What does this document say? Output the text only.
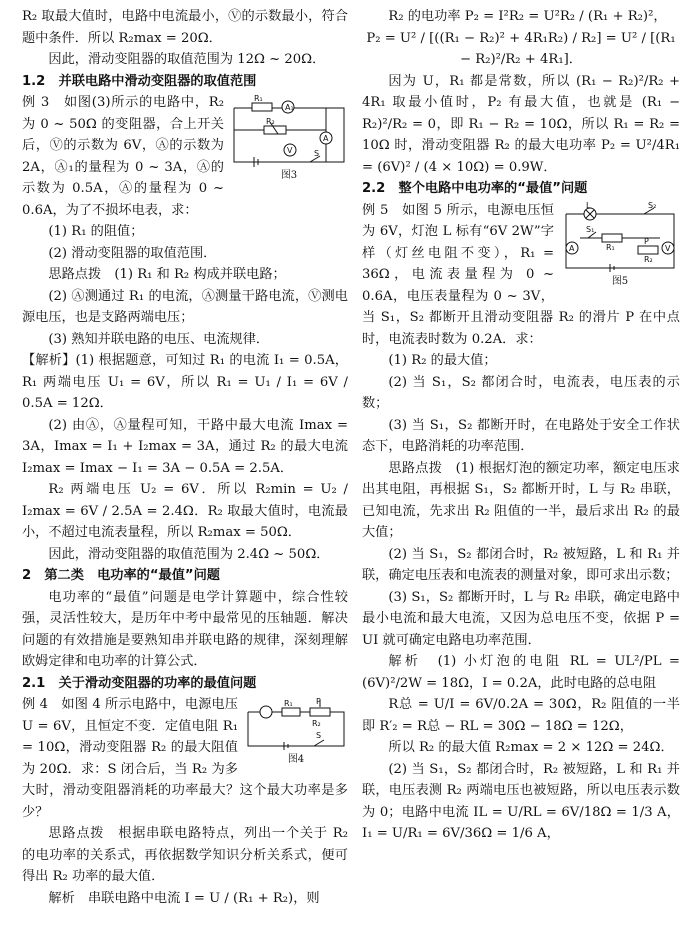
R₂ 取最大值时，电路中电流最小，Ⓥ的示数最小，符合题中条件．所以 R₂max = 20Ω．

因此，滑动变阻器的取值范围为 12Ω ~ 20Ω．

1.2　并联电路中滑动变阻器的取值范围

R₁
A₁
R₂
A
V	S
图3

例 3　如图(3)所示的电路中，R₂ 为 0 ~ 50Ω 的变阻器，合上开关后，Ⓥ的示数为 6V，Ⓐ的示数为 2A，Ⓐ₁的量程为 0 ~ 3A，Ⓐ的示数为 0.5A，Ⓐ的量程为 0 ~ 0.6A，为了不损坏电表，求：

(1) R₁ 的阻值；

(2) 滑动变阻器的取值范围．

思路点拨　(1) R₁ 和 R₂ 构成并联电路；

(2) Ⓐ测通过 R₁ 的电流，Ⓐ测量干路电流，Ⓥ测电源电压，也是支路两端电压；

(3) 熟知并联电路的电压、电流规律．

【解析】(1) 根据题意，可知过 R₁ 的电流 I₁ = 0.5A，R₁ 两端电压 U₁ = 6V，所以 R₁ = U₁ / I₁ = 6V / 0.5A = 12Ω．

(2) 由Ⓐ，Ⓐ量程可知，干路中最大电流 Imax = 3A，Imax = I₁ + I₂max = 3A，通过 R₂ 的最大电流 I₂max = Imax − I₁ = 3A − 0.5A = 2.5A．

R₂ 两端电压 U₂ = 6V．所以 R₂min = U₂ / I₂max = 6V / 2.5A = 2.4Ω．R₂ 取最大值时，电流最小，不超过电流表量程，所以 R₂max = 50Ω．

因此，滑动变阻器的取值范围为 2.4Ω ~ 50Ω．

2　第二类　电功率的“最值”问题

电功率的“最值”问题是电学计算题中，综合性较强，灵活性较大，是历年中考中最常见的压轴题．解决问题的有效措施是要熟知串并联电路的规律，深刻理解欧姆定律和电功率的计算公式．

2.1　关于滑动变阻器的功率的最值问题

P
R₁
R₂
S
图4

例 4　如图 4 所示电路中，电源电压 U = 6V，且恒定不变．定值电阻 R₁ = 10Ω，滑动变阻器 R₂ 的最大阻值为 20Ω．求：S 闭合后，当 R₂ 为多大时，滑动变阻器消耗的功率最大？这个最大功率是多少？

思路点拨　根据串联电路特点，列出一个关于 R₂ 的电功率的关系式，再依据数学知识分析关系式，便可得出 R₂ 功率的最大值．

解析　串联电路中电流 I = U / (R₁ + R₂)，则

R₂ 的电功率 P₂ = I²R₂ = U²R₂ / (R₁ + R₂)²，

P₂ = U² / [((R₁ − R₂)² + 4R₁R₂) / R₂] = U² / [(R₁ − R₂)²/R₂ + 4R₁]．

因为 U，R₁ 都是常数，所以 (R₁ − R₂)²/R₂ + 4R₁ 取最小值时，P₂ 有最大值，也就是 (R₁ − R₂)²/R₂ = 0，即 R₁ − R₂ = 10Ω，所以 R₁ = R₂ = 10Ω 时，滑动变阻器 R₂ 的最大电功率 P₂ = U²/4R₁ = (6V)² / (4 × 10Ω) = 0.9W．

2.2　整个电路中电功率的“最值”问题

L	S₂
S₁
R₁
P
R₂
A	V
图5

例 5　如图 5 所示，电源电压恒为 6V，灯泡 L 标有“6V 2W”字样（灯丝电阻不变），R₁ = 36Ω，电流表量程为 0 ~ 0.6A，电压表量程为 0 ~ 3V，当 S₁，S₂ 都断开且滑动变阻器 R₂ 的滑片 P 在中点时，电流表时数为 0.2A．求：

(1) R₂ 的最大值；

(2) 当 S₁，S₂ 都闭合时，电流表，电压表的示数；

(3) 当 S₁，S₂ 都断开时，在电路处于安全工作状态下，电路消耗的功率范围．

思路点拨　(1) 根据灯泡的额定功率，额定电压求出其电阻，再根据 S₁，S₂ 都断开时，L 与 R₂ 串联，已知电流，先求出 R₂ 阻值的一半，最后求出 R₂ 的最大值；

(2) 当 S₁，S₂ 都闭合时，R₂ 被短路，L 和 R₁ 并联，确定电压表和电流表的测量对象，即可求出示数；

(3) S₁，S₂ 都断开时，L 与 R₂ 串联，确定电路中最小电流和最大电流，又因为总电压不变，依据 P = UI 就可确定电路电功率范围．

解析　(1) 小灯泡的电阻 RL = UL²/PL = (6V)²/2W = 18Ω，I = 0.2A，此时电路的总电阻

R总 = U/I = 6V/0.2A = 30Ω，R₂ 阻值的一半即 R′₂ = R总 − RL = 30Ω − 18Ω = 12Ω，

所以 R₂ 的最大值 R₂max = 2 × 12Ω = 24Ω．

(2) 当 S₁，S₂ 都闭合时，R₂ 被短路，L 和 R₁ 并联，电压表测 R₂ 两端电压也被短路，所以电压表示数为 0；电路中电流 IL = U/RL = 6V/18Ω = 1/3 A，I₁ = U/R₁ = 6V/36Ω = 1/6 A，
